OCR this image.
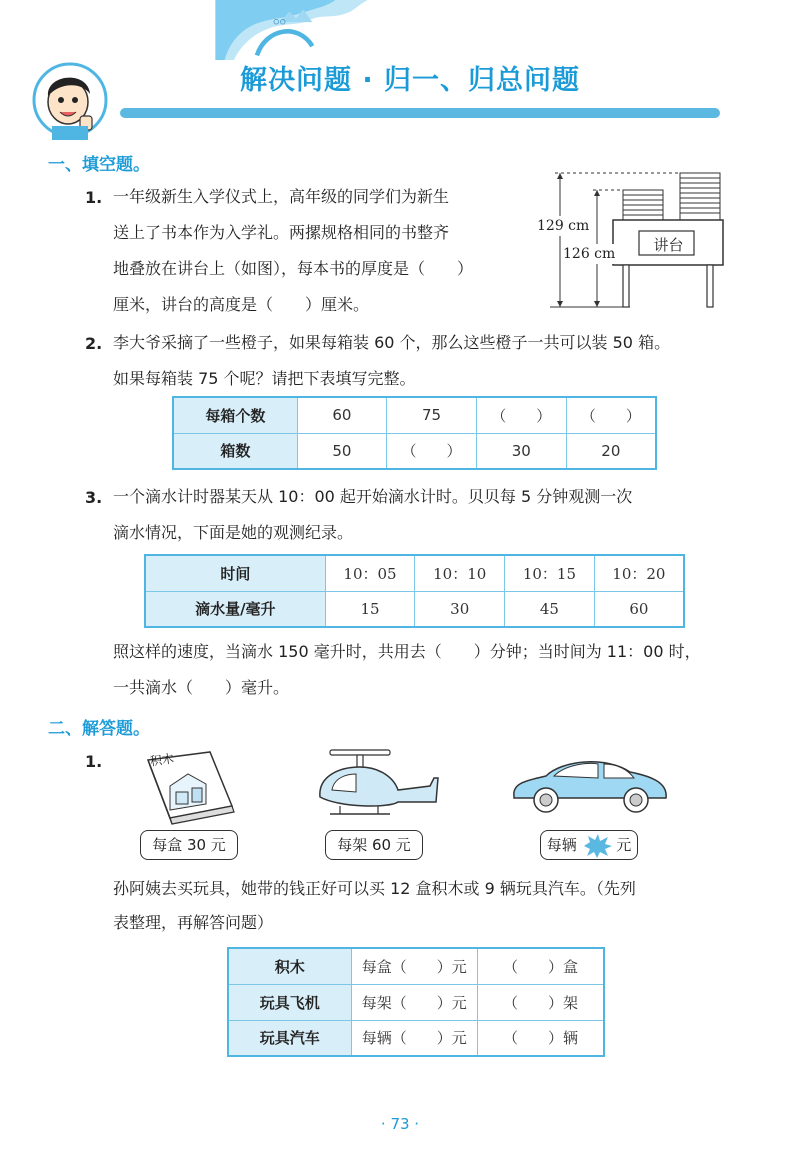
解决问题 · 归一、归总问题
一、填空题。
1. 一年级新生入学仪式上，高年级的同学们为新生
送上了书本作为入学礼。两摞规格相同的书整齐
地叠放在讲台上（如图），每本书的厚度是（　　）
厘米，讲台的高度是（　　）厘米。
129 cm
126 cm	讲台
2. 李大爷采摘了一些橙子，如果每箱装 60 个，那么这些橙子一共可以装 50 箱。
如果每箱装 75 个呢？请把下表填写完整。
每箱个数	60	75	（　　）	（　　）
箱数	50	（　　）	30	20
3. 一个滴水计时器某天从 10：00 起开始滴水计时。贝贝每 5 分钟观测一次
滴水情况，下面是她的观测纪录。
时间	10：05	10：10	10：15	10：20
滴水量/毫升	15	30	45	60
照这样的速度，当滴水 150 毫升时，共用去（　　）分钟；当时间为 11：00 时，
一共滴水（　　）毫升。
二、解答题。
1.	积木
每盒 30 元	每架 60 元	每辆	元
孙阿姨去买玩具，她带的钱正好可以买 12 盒积木或 9 辆玩具汽车。（先列
表整理，再解答问题）
积木	每盒（　　）元	（　　）盒
玩具飞机	每架（　　）元	（　　）架
玩具汽车	每辆（　　）元	（　　）辆
· 73 ·
